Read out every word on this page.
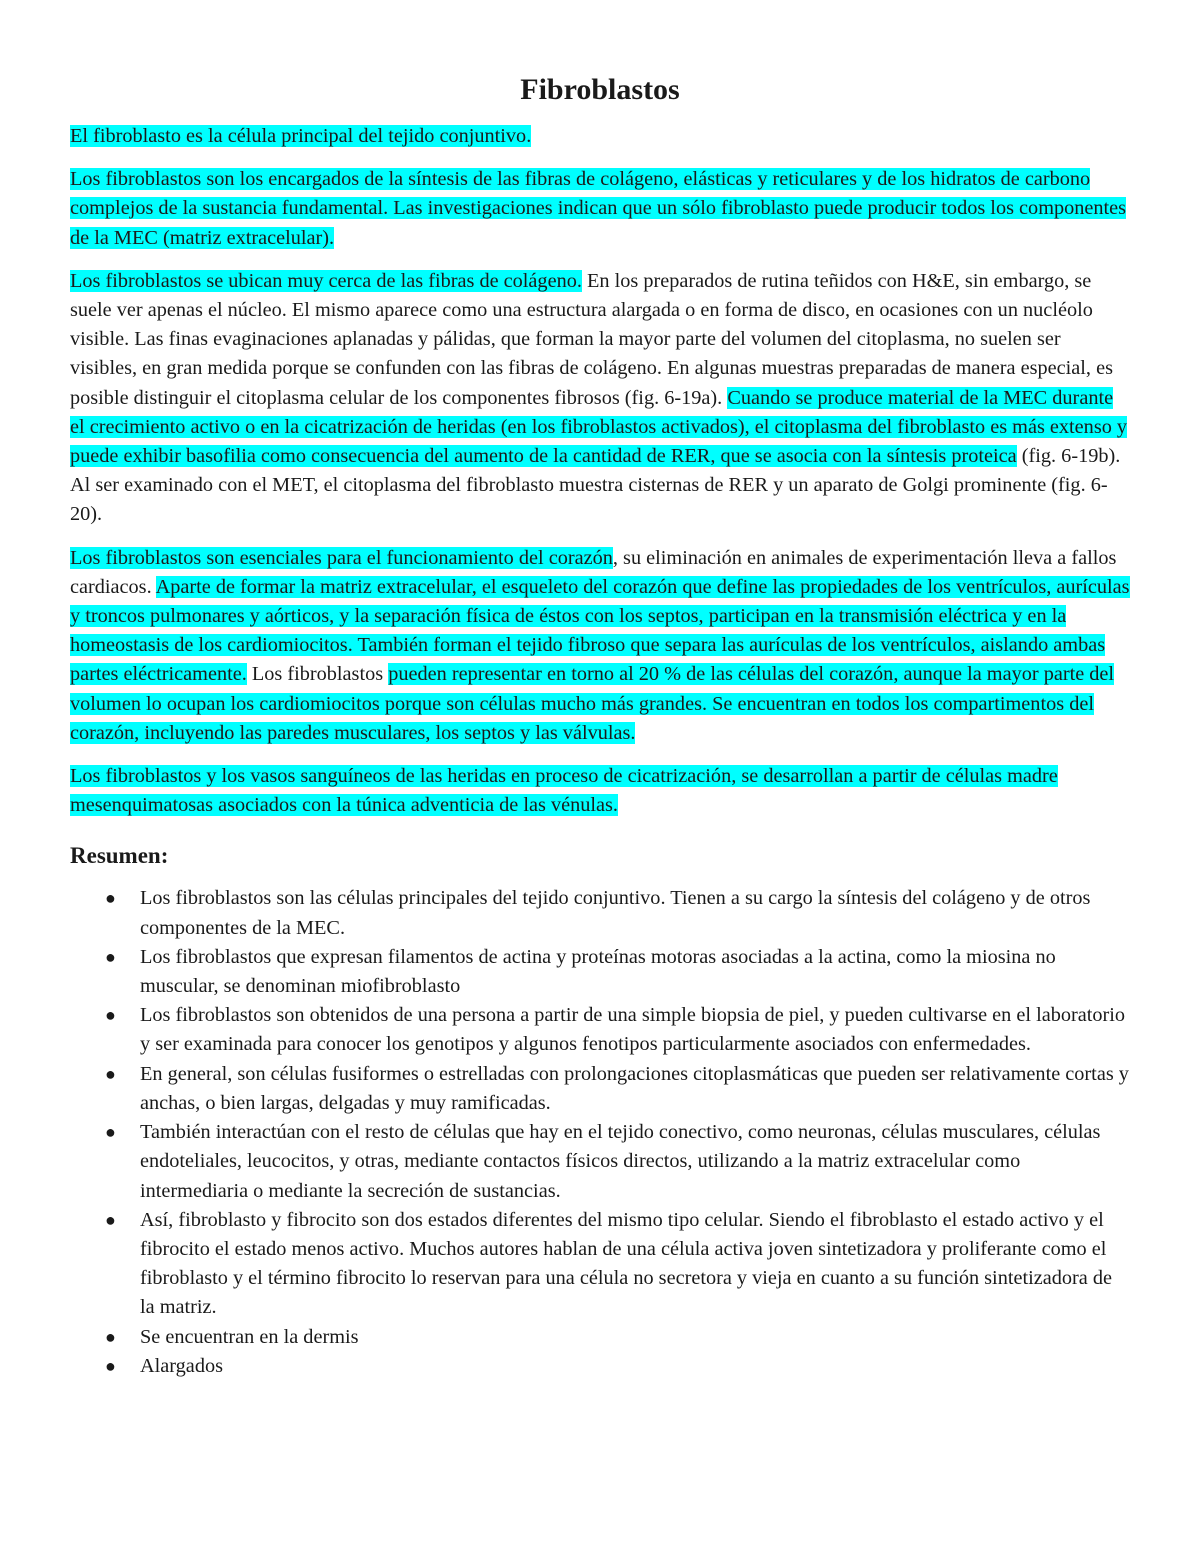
Fibroblastos

El fibroblasto es la célula principal del tejido conjuntivo.

Los fibroblastos son los encargados de la síntesis de las fibras de colágeno, elásticas y reticulares y de los hidratos de carbono complejos de la sustancia fundamental. Las investigaciones indican que un sólo fibroblasto puede producir todos los componentes de la MEC (matriz extracelular).

Los fibroblastos se ubican muy cerca de las fibras de colágeno. En los preparados de rutina teñidos con H&E, sin embargo, se suele ver apenas el núcleo. El mismo aparece como una estructura alargada o en forma de disco, en ocasiones con un nucléolo visible. Las finas evaginaciones aplanadas y pálidas, que forman la mayor parte del volumen del citoplasma, no suelen ser visibles, en gran medida porque se confunden con las fibras de colágeno. En algunas muestras preparadas de manera especial, es posible distinguir el citoplasma celular de los componentes fibrosos (fig. 6-19a). Cuando se produce material de la MEC durante el crecimiento activo o en la cicatrización de heridas (en los fibroblastos activados), el citoplasma del fibroblasto es más extenso y puede exhibir basofilia como consecuencia del aumento de la cantidad de RER, que se asocia con la síntesis proteica (fig. 6-19b). Al ser examinado con el MET, el citoplasma del fibroblasto muestra cisternas de RER y un aparato de Golgi prominente (fig. 6-20).

Los fibroblastos son esenciales para el funcionamiento del corazón, su eliminación en animales de experimentación lleva a fallos cardiacos. Aparte de formar la matriz extracelular, el esqueleto del corazón que define las propiedades de los ventrículos, aurículas y troncos pulmonares y aórticos, y la separación física de éstos con los septos, participan en la transmisión eléctrica y en la homeostasis de los cardiomiocitos. También forman el tejido fibroso que separa las aurículas de los ventrículos, aislando ambas partes eléctricamente. Los fibroblastos pueden representar en torno al 20 % de las células del corazón, aunque la mayor parte del volumen lo ocupan los cardiomiocitos porque son células mucho más grandes. Se encuentran en todos los compartimentos del corazón, incluyendo las paredes musculares, los septos y las válvulas.

Los fibroblastos y los vasos sanguíneos de las heridas en proceso de cicatrización, se desarrollan a partir de células madre mesenquimatosas asociados con la túnica adventicia de las vénulas.

Resumen:
● Los fibroblastos son las células principales del tejido conjuntivo. Tienen a su cargo la síntesis del colágeno y de otros componentes de la MEC.
● Los fibroblastos que expresan filamentos de actina y proteínas motoras asociadas a la actina, como la miosina no muscular, se denominan miofibroblasto
● Los fibroblastos son obtenidos de una persona a partir de una simple biopsia de piel, y pueden cultivarse en el laboratorio y ser examinada para conocer los genotipos y algunos fenotipos particularmente asociados con enfermedades.
● En general, son células fusiformes o estrelladas con prolongaciones citoplasmáticas que pueden ser relativamente cortas y anchas, o bien largas, delgadas y muy ramificadas.
● También interactúan con el resto de células que hay en el tejido conectivo, como neuronas, células musculares, células endoteliales, leucocitos, y otras, mediante contactos físicos directos, utilizando a la matriz extracelular como intermediaria o mediante la secreción de sustancias.
● Así, fibroblasto y fibrocito son dos estados diferentes del mismo tipo celular. Siendo el fibroblasto el estado activo y el fibrocito el estado menos activo. Muchos autores hablan de una célula activa joven sintetizadora y proliferante como el fibroblasto y el término fibrocito lo reservan para una célula no secretora y vieja en cuanto a su función sintetizadora de la matriz.
● Se encuentran en la dermis
● Alargados
